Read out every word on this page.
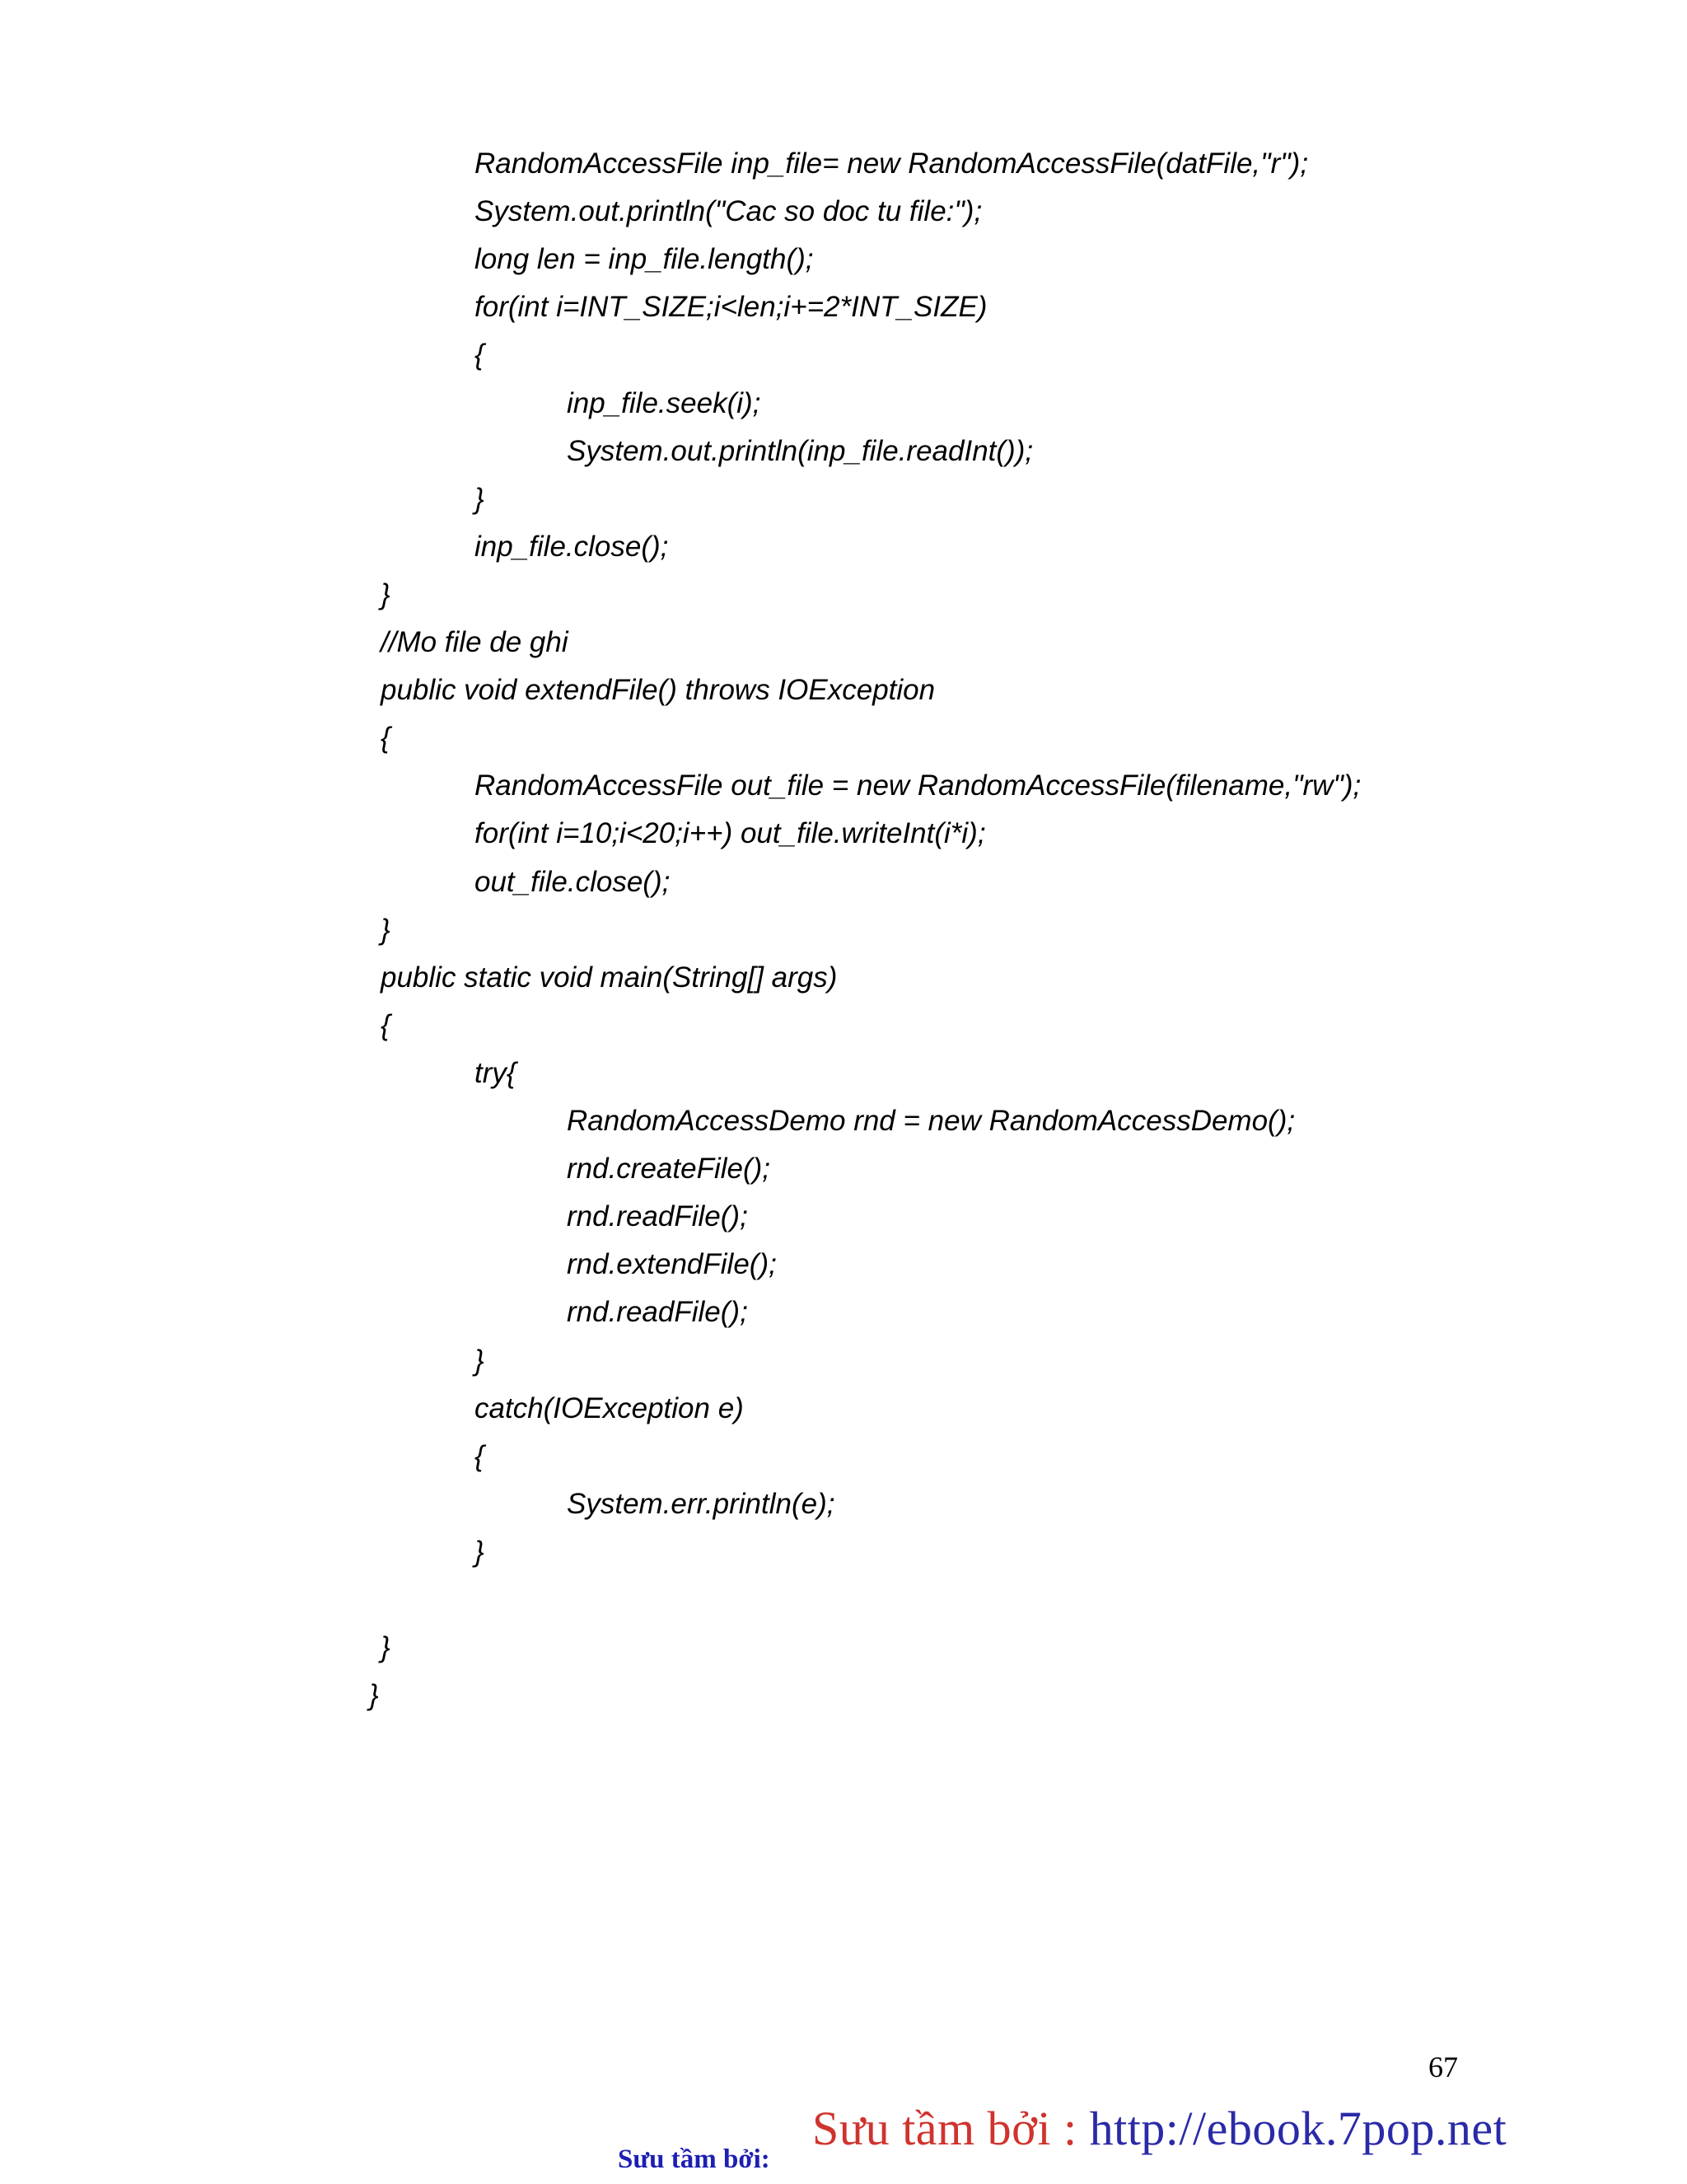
RandomAccessFile inp_file= new RandomAccessFile(datFile,"r");
System.out.println("Cac so doc tu file:");
long len = inp_file.length();
for(int i=INT_SIZE;i<len;i+=2*INT_SIZE)
{
inp_file.seek(i);
System.out.println(inp_file.readInt());
}
inp_file.close();
}
//Mo file de ghi
public void extendFile() throws IOException
{
RandomAccessFile out_file = new RandomAccessFile(filename,"rw");
for(int i=10;i<20;i++) out_file.writeInt(i*i);
out_file.close();
}
public static void main(String[] args)
{
try{
RandomAccessDemo rnd = new RandomAccessDemo();
rnd.createFile();
rnd.readFile();
rnd.extendFile();
rnd.readFile();
}
catch(IOException e)
{
System.err.println(e);
}
}
}
67
Sưu tầm bởi:
Sưu tầm bởi : http://ebook.7pop.net
